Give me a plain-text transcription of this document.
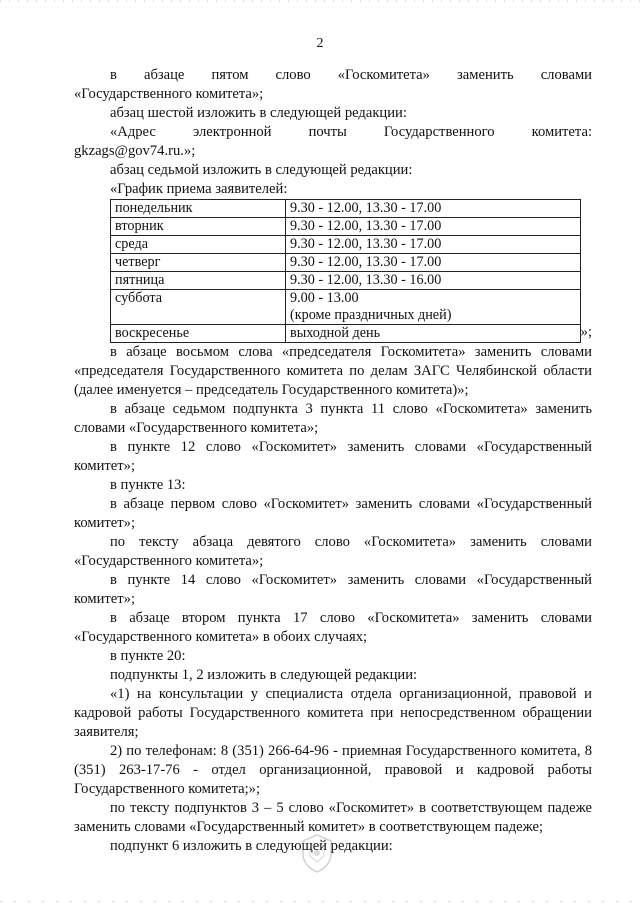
2

в абзаце пятом слово «Госкомитета» заменить словами

«Государственного комитета»;

абзац шестой изложить в следующей редакции:

«Адрес электронной почты Государственного комитета:

gkzags@gov74.ru.»;

абзац седьмой изложить в следующей редакции:

«График приема заявителей:

понедельник	9.30 - 12.00, 13.30 - 17.00
вторник	9.30 - 12.00, 13.30 - 17.00
среда	9.30 - 12.00, 13.30 - 17.00
четверг	9.30 - 12.00, 13.30 - 17.00
пятница	9.30 - 12.00, 13.30 - 16.00
суббота	9.00 - 13.00
(кроме праздничных дней)

воскресенье	выходной день	»;

в абзаце восьмом слова «председателя Госкомитета» заменить словами «председателя Государственного комитета по делам ЗАГС Челябинской области (далее именуется – председатель Государственного комитета)»;

в абзаце седьмом подпункта 3 пункта 11 слово «Госкомитета» заменить словами «Государственного комитета»;

в пункте 12 слово «Госкомитет» заменить словами «Государственный комитет»;

в пункте 13:

в абзаце первом слово «Госкомитет» заменить словами «Государственный комитет»;

по тексту абзаца девятого слово «Госкомитета» заменить словами «Государственного комитета»;

в пункте 14 слово «Госкомитет» заменить словами «Государственный комитет»;

в абзаце втором пункта 17 слово «Госкомитета» заменить словами «Государственного комитета» в обоих случаях;

в пункте 20:

подпункты 1, 2 изложить в следующей редакции:

«1) на консультации у специалиста отдела организационной, правовой и кадровой работы Государственного комитета при непосредственном обращении заявителя;

2) по телефонам: 8 (351) 266-64-96 - приемная Государственного комитета, 8 (351) 263-17-76 - отдел организационной, правовой и кадровой работы Государственного комитета;»;

по тексту подпунктов 3 – 5 слово «Госкомитет» в соответствующем падеже заменить словами «Государственный комитет» в соответствующем падеже;

подпункт 6 изложить в следующей редакции:
